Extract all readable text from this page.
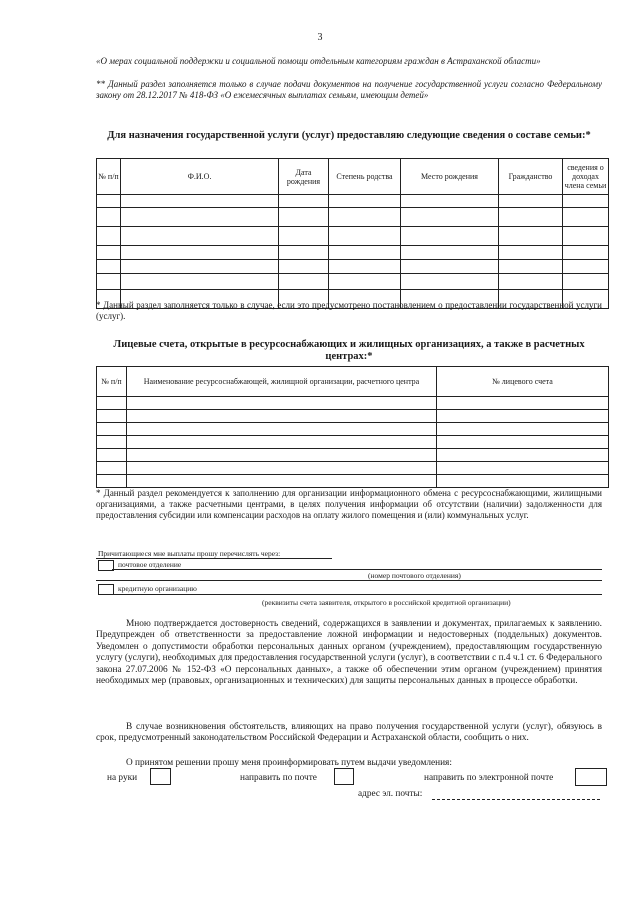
3
«О мерах социальной поддержки и социальной помощи отдельным категориям граждан в Астраханской области»
** Данный раздел заполняется только в случае подачи документов на получение государственной услуги согласно Федеральному закону от 28.12.2017 № 418-ФЗ «О ежемесячных выплатах семьям, имеющим детей»
Для назначения государственной услуги (услуг) предоставляю следующие сведения о составе семьи:*
№ п/п	Ф.И.О.	Дата рождения	Степень родства	Место рождения	Гражданство	сведения о доходах члена семьи

* Данный раздел заполняется только в случае, если это предусмотрено постановлением о предоставлении государственной услуги (услуг).
Лицевые счета, открытые в ресурсоснабжающих и жилищных организациях, а также в расчетных центрах:*
№ п/п	Наименование ресурсоснабжающей, жилищной организации, расчетного центра	№ лицевого счета

* Данный раздел рекомендуется к заполнению для организации информационного обмена с ресурсоснабжающими, жилищными организациями, а также расчетными центрами, в целях получения информации об отсутствии (наличии) задолженности для предоставления субсидии или компенсации расходов на оплату жилого помещения и (или) коммунальных услуг.
Причитающиеся мне выплаты прошу перечислять через:
почтовое отделение
(номер почтового отделения)
кредитную организацию
(реквизиты счета заявителя, открытого в российской кредитной организации)
Мною подтверждается достоверность сведений, содержащихся в заявлении и документах, прилагаемых к заявлению. Предупрежден об ответственности за предоставление ложной информации и недостоверных (поддельных) документов. Уведомлен о допустимости обработки персональных данных органом (учреждением), предоставляющим государственную услугу (услуги), необходимых для предоставления государственной услуги (услуг), в соответствии с п.4 ч.1 ст. 6 Федерального закона 27.07.2006 № 152-ФЗ «О персональных данных», а также об обеспечении этим органом (учреждением) принятия необходимых мер (правовых, организационных и технических) для защиты персональных данных в процессе обработки.
В случае возникновения обстоятельств, влияющих на право получения государственной услуги (услуг), обязуюсь в срок, предусмотренный законодательством Российской Федерации и Астраханской области, сообщить о них.
О принятом решении прошу меня проинформировать путем выдачи уведомления:
на руки	направить по почте	направить по электронной почте
адрес эл. почты:
